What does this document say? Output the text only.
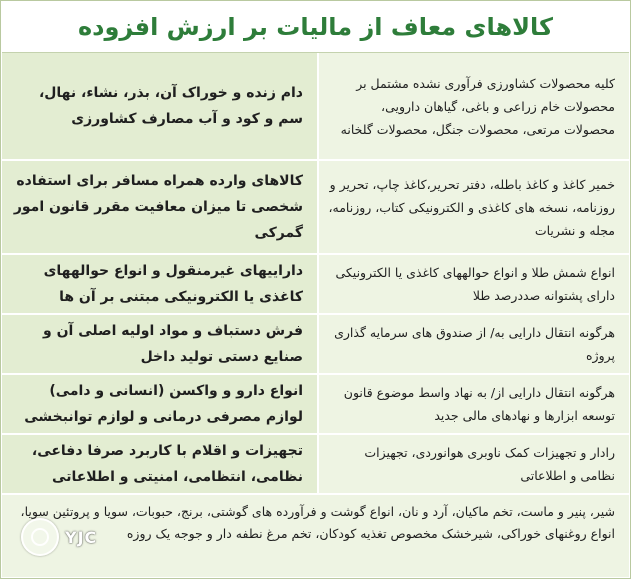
کالاهای معاف از مالیات بر ارزش افزوده
کلیه محصولات کشاورزی فرآوری نشده مشتمل بر محصولات خام زراعی و باغی، گیاهان دارویی، محصولات مرتعی، محصولات جنگل، محصولات گلخانه
دام زنده و خوراک آن، بذر، نشاء، نهال، سم و کود و آب مصارف کشاورزی
خمیر کاغذ و کاغذ باطله، دفتر تحریر،کاغذ چاپ، تحریر و روزنامه، نسخه های کاغذی و الکترونیکی کتاب، روزنامه، مجله و نشریات
کالاهای وارده همراه مسافر برای استفاده شخصی تا میزان معافیت مقرر قانون امور گمرکی
انواع شمش طلا و انواع حوالههای کاغذی یا الکترونیکی دارای پشتوانه صددرصد طلا
داراییهای غیرمنقول و انواع حوالههای کاغذی یا الکترونیکی مبتنی بر آن ها
هرگونه انتقال دارایی به/ از صندوق های سرمایه گذاری پروژه
فرش دستباف و مواد اولیه اصلی آن و صنایع دستی تولید داخل
هرگونه انتقال دارایی از/ به نهاد واسط موضوع قانون توسعه ابزارها و نهادهای مالی جدید
انواع دارو و واکسن (انسانی و دامی) لوازم مصرفی درمانی و لوازم توانبخشی
رادار و تجهیزات کمک ناوبری هوانوردی، تجهیزات نظامی و اطلاعاتی
تجهیزات و اقلام با کاربرد صرفا دفاعی، نظامی، انتظامی، امنیتی و اطلاعاتی
شیر، پنیر و ماست، تخم ماکیان، آرد و نان، انواع گوشت و فرآورده های گوشتی، برنج، حبوبات، سویا و پروتئین سویا، انواع روغنهای خوراکی، شیرخشک مخصوص تغذیه کودکان، تخم مرغ نطفه دار و جوجه یک روزه
YJC
